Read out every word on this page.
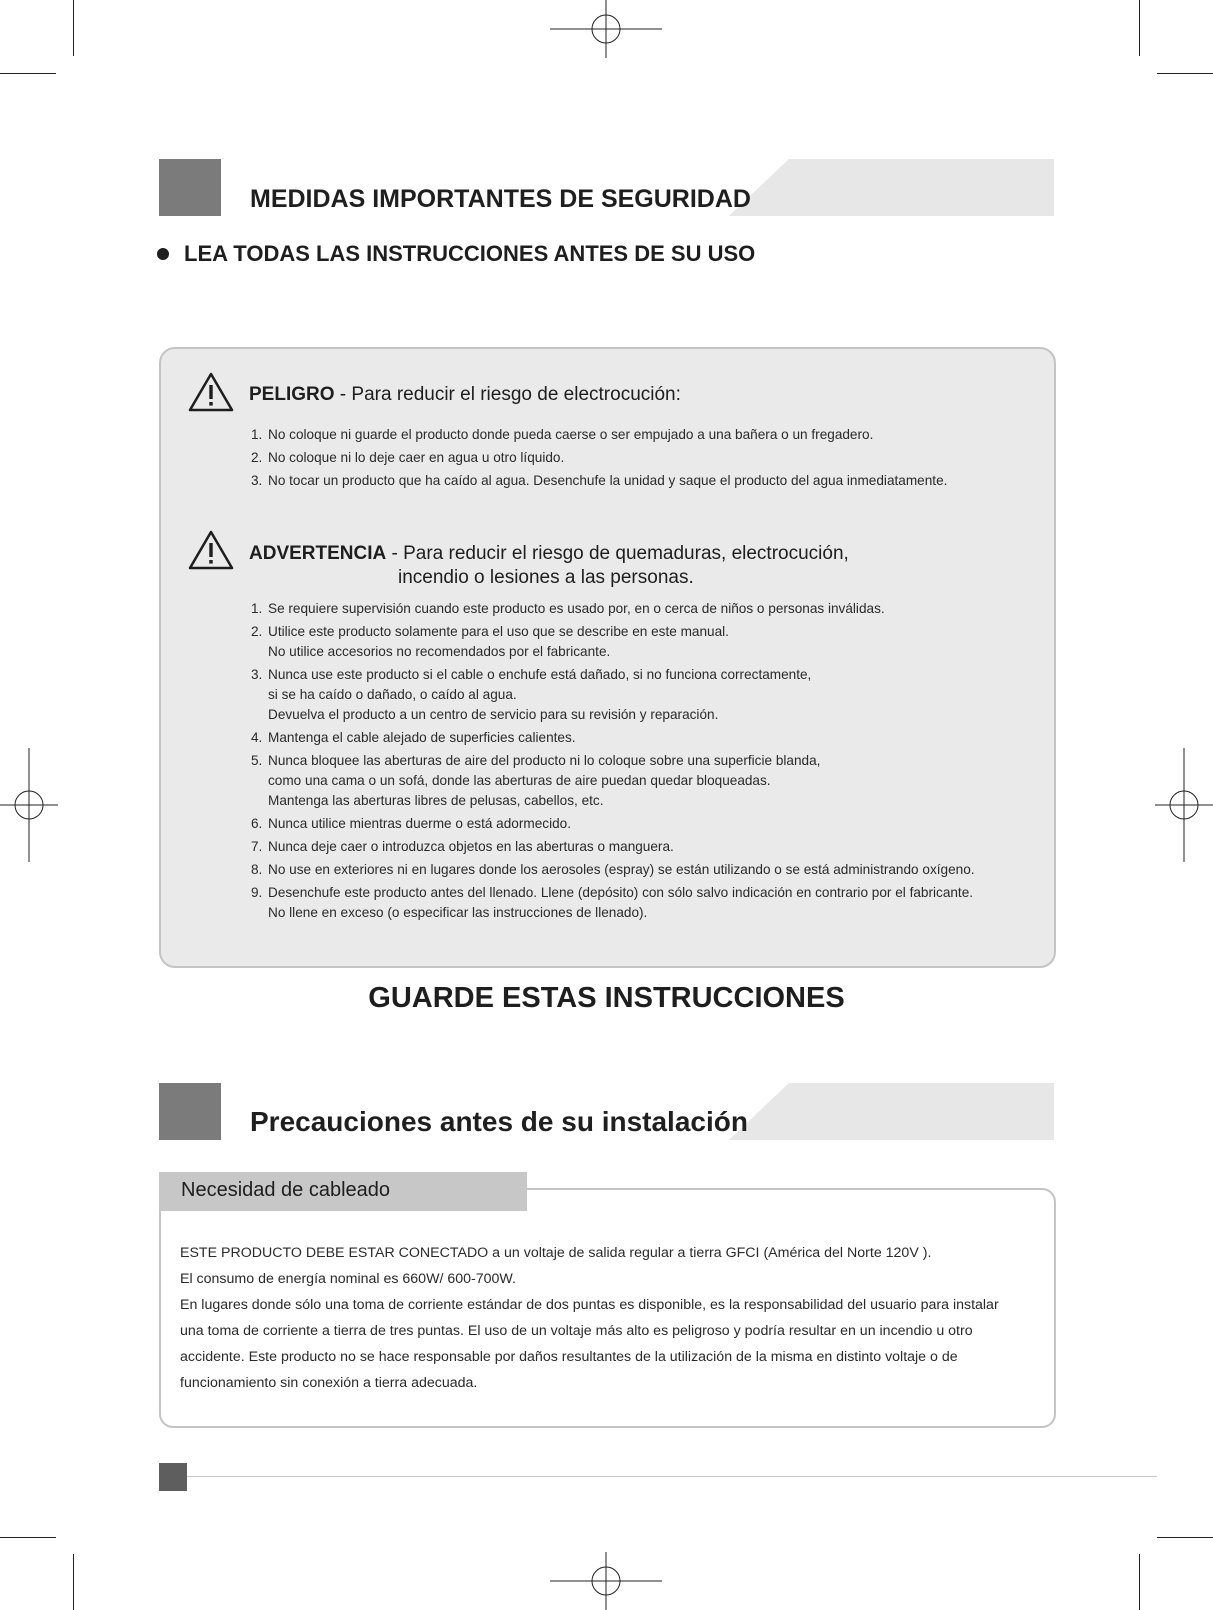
MEDIDAS IMPORTANTES DE SEGURIDAD
LEA TODAS LAS INSTRUCCIONES ANTES DE SU USO
PELIGRO - Para reducir el riesgo de electrocución:
1. No coloque ni guarde el producto donde pueda caerse o ser empujado a una bañera o un fregadero.
2. No coloque ni lo deje caer en agua u otro líquido.
3. No tocar un producto que ha caído al agua. Desenchufe la unidad y saque el producto del agua inmediatamente.
ADVERTENCIA - Para reducir el riesgo de quemaduras, electrocución,
incendio o lesiones a las personas.
1. Se requiere supervisión cuando este producto es usado por, en o cerca de niños o personas inválidas.
2. Utilice este producto solamente para el uso que se describe en este manual.
No utilice accesorios no recomendados por el fabricante.
3. Nunca use este producto si el cable o enchufe está dañado, si no funciona correctamente,
si se ha caído o dañado, o caído al agua.
Devuelva el producto a un centro de servicio para su revisión y reparación.
4. Mantenga el cable alejado de superficies calientes.
5. Nunca bloquee las aberturas de aire del producto ni lo coloque sobre una superficie blanda,
como una cama o un sofá, donde las aberturas de aire puedan quedar bloqueadas.
Mantenga las aberturas libres de pelusas, cabellos, etc.
6. Nunca utilice mientras duerme o está adormecido.
7. Nunca deje caer o introduzca objetos en las aberturas o manguera.
8. No use en exteriores ni en lugares donde los aerosoles (espray) se están utilizando o se está administrando oxígeno.
9. Desenchufe este producto antes del llenado. Llene (depósito) con sólo salvo indicación en contrario por el fabricante.
No llene en exceso (o especificar las instrucciones de llenado).
GUARDE ESTAS INSTRUCCIONES
Precauciones antes de su instalación
Necesidad de cableado
ESTE PRODUCTO DEBE ESTAR CONECTADO a un voltaje de salida regular a tierra GFCI (América del Norte 120V ).
El consumo de energía nominal es 660W/ 600-700W.
En lugares donde sólo una toma de corriente estándar de dos puntas es disponible, es la responsabilidad del usuario para instalar
una toma de corriente a tierra de tres puntas. El uso de un voltaje más alto es peligroso y podría resultar en un incendio u otro
accidente. Este producto no se hace responsable por daños resultantes de la utilización de la misma en distinto voltaje o de
funcionamiento sin conexión a tierra adecuada.
